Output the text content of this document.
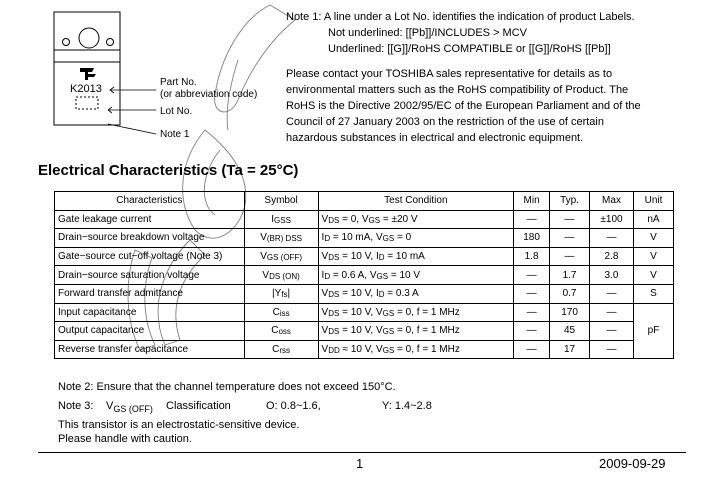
K2013
Part No.
(or abbreviation code)
Lot No.
Note 1
Note 1: A line under a Lot No. identifies the indication of product Labels.
Not underlined: [[Pb]]/INCLUDES > MCV
Underlined: [[G]]/RoHS COMPATIBLE or [[G]]/RoHS [[Pb]]
Please contact your TOSHIBA sales representative for details as to
environmental matters such as the RoHS compatibility of Product. The
RoHS is the Directive 2002/95/EC of the European Parliament and of the
Council of 27 January 2003 on the restriction of the use of certain
hazardous substances in electrical and electronic equipment.
Electrical Characteristics (Ta = 25°C)
Characteristics	Symbol	Test Condition	Min	Typ.	Max	Unit
Gate leakage current	$I_{GSS}$	$V_{DS} = 0$, $V_{GS} = \pm 20$ V	—	—	±100	nA
Drain−source breakdown voltage	$V_{(BR) DSS}$	$I_D = 10$ mA, $V_{GS} = 0$	180	—	—	V
Gate−source cut−off voltage (Note 3)	$V_{GS (OFF)}$	$V_{DS} = 10$ V, $I_D = 10$ mA	1.8	—	2.8	V
Drain−source saturation voltage	$V_{DS (ON)}$	$I_D = 0.6$ A, $V_{GS} = 10$ V	—	1.7	3.0	V
Forward transfer admittance	$|Y_{fs}|$	$V_{DS} = 10$ V, $I_D = 0.3$ A	—	0.7	—	S
Input capacitance	$C_{iss}$	$V_{DS} = 10$ V, $V_{GS} = 0$, f = 1 MHz	—	170	—	pF
Output capacitance	$C_{oss}$	$V_{DS} = 10$ V, $V_{GS} = 0$, f = 1 MHz	—	45	—	
Reverse transfer capacitance	$C_{rss}$	$V_{DD} \approx 10$ V, $V_{GS} = 0$, f = 1 MHz	—	17	—	
Note 2: Ensure that the channel temperature does not exceed 150°C.
Note 3: $V_{GS (OFF)}$ Classification	O: 0.8~1.6,	Y: 1.4~2.8
This transistor is an electrostatic-sensitive device.
Please handle with caution.
1	2009-09-29
